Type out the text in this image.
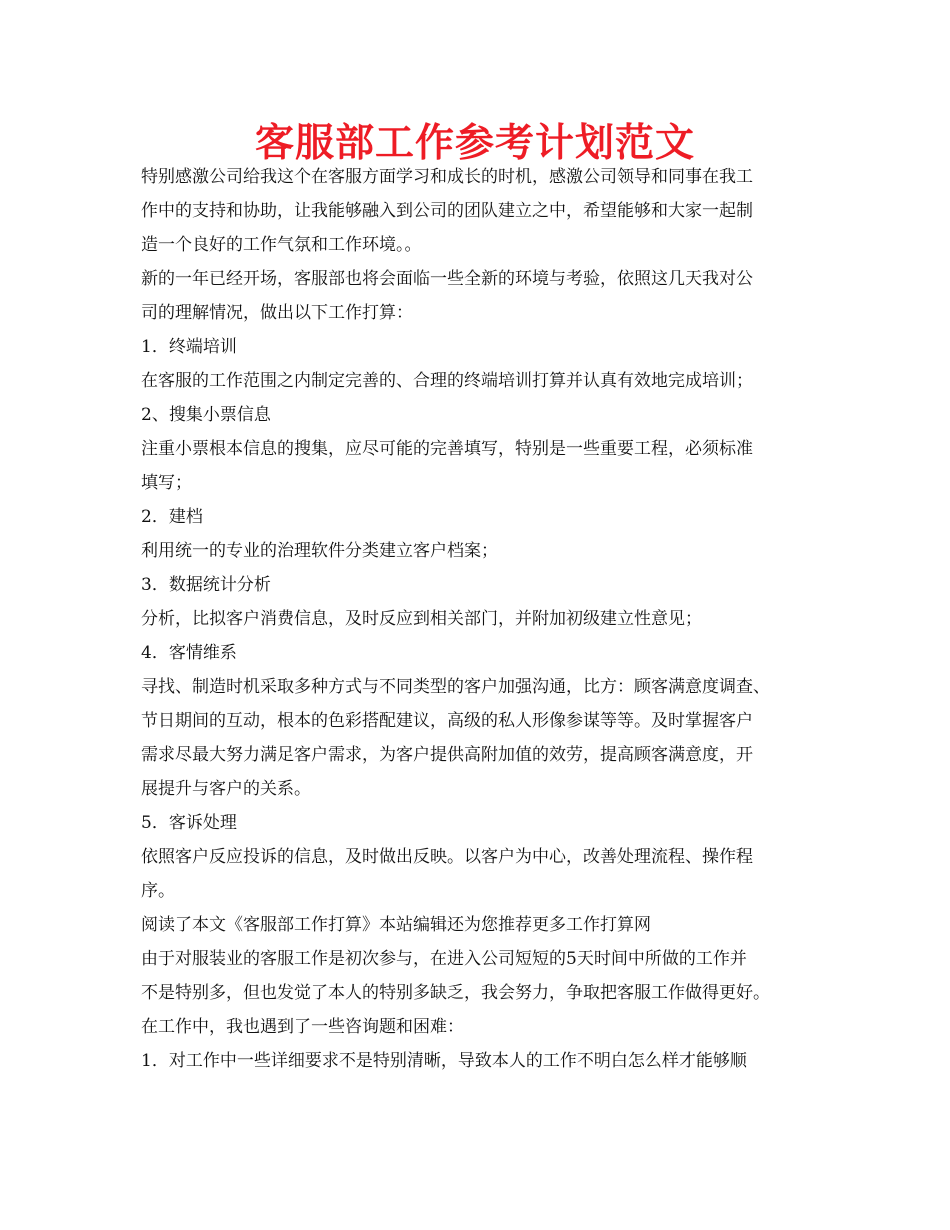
客服部工作参考计划范文
特别感激公司给我这个在客服方面学习和成长的时机，感激公司领导和同事在我工
作中的支持和协助，让我能够融入到公司的团队建立之中，希望能够和大家一起制
造一个良好的工作气氛和工作环境。。
新的一年已经开场，客服部也将会面临一些全新的环境与考验，依照这几天我对公
司的理解情况，做出以下工作打算：
1．终端培训
在客服的工作范围之内制定完善的、合理的终端培训打算并认真有效地完成培训；
2、搜集小票信息
注重小票根本信息的搜集，应尽可能的完善填写，特别是一些重要工程，必须标准
填写；
2．建档
利用统一的专业的治理软件分类建立客户档案；
3．数据统计分析
分析，比拟客户消费信息，及时反应到相关部门，并附加初级建立性意见；
4．客情维系
寻找、制造时机采取多种方式与不同类型的客户加强沟通，比方：顾客满意度调查、
节日期间的互动，根本的色彩搭配建议，高级的私人形像参谋等等。及时掌握客户
需求尽最大努力满足客户需求，为客户提供高附加值的效劳，提高顾客满意度，开
展提升与客户的关系。
5．客诉处理
依照客户反应投诉的信息，及时做出反映。以客户为中心，改善处理流程、操作程
序。
阅读了本文《客服部工作打算》本站编辑还为您推荐更多工作打算网
由于对服装业的客服工作是初次参与，在进入公司短短的5天时间中所做的工作并
不是特别多，但也发觉了本人的特别多缺乏，我会努力，争取把客服工作做得更好。
在工作中，我也遇到了一些咨询题和困难：
1．对工作中一些详细要求不是特别清晰，导致本人的工作不明白怎么样才能够顺
